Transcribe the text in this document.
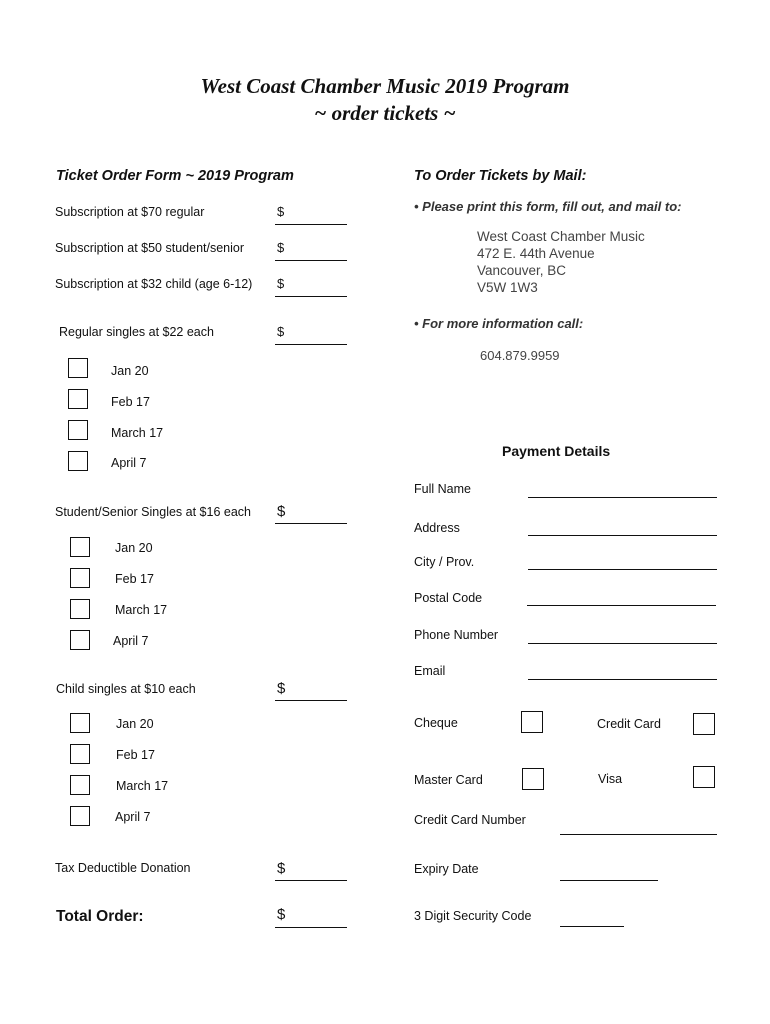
West Coast Chamber Music 2019 Program
~ order tickets ~
Ticket Order Form ~ 2019 Program
Subscription at $70 regular	$
Subscription at $50 student/senior	$
Subscription at $32 child (age 6-12) $
Regular singles at $22 each	$
Jan 20
Feb 17
March 17
April 7
Student/Senior Singles at $16 each $
Jan 20
Feb 17
March 17
April 7
Child singles at $10 each	$
Jan 20
Feb 17
March 17
April 7
Tax Deductible Donation	$
Total Order:	$
To Order Tickets by Mail:
• Please print this form, fill out, and mail to:
West Coast Chamber Music
472 E. 44th Avenue
Vancouver, BC
V5W 1W3
• For more information call:
604.879.9959
Payment Details
Full Name
Address
City / Prov.
Postal Code
Phone Number
Email
Cheque	Credit Card
Master Card	Visa
Credit Card Number
Expiry Date
3 Digit Security Code
